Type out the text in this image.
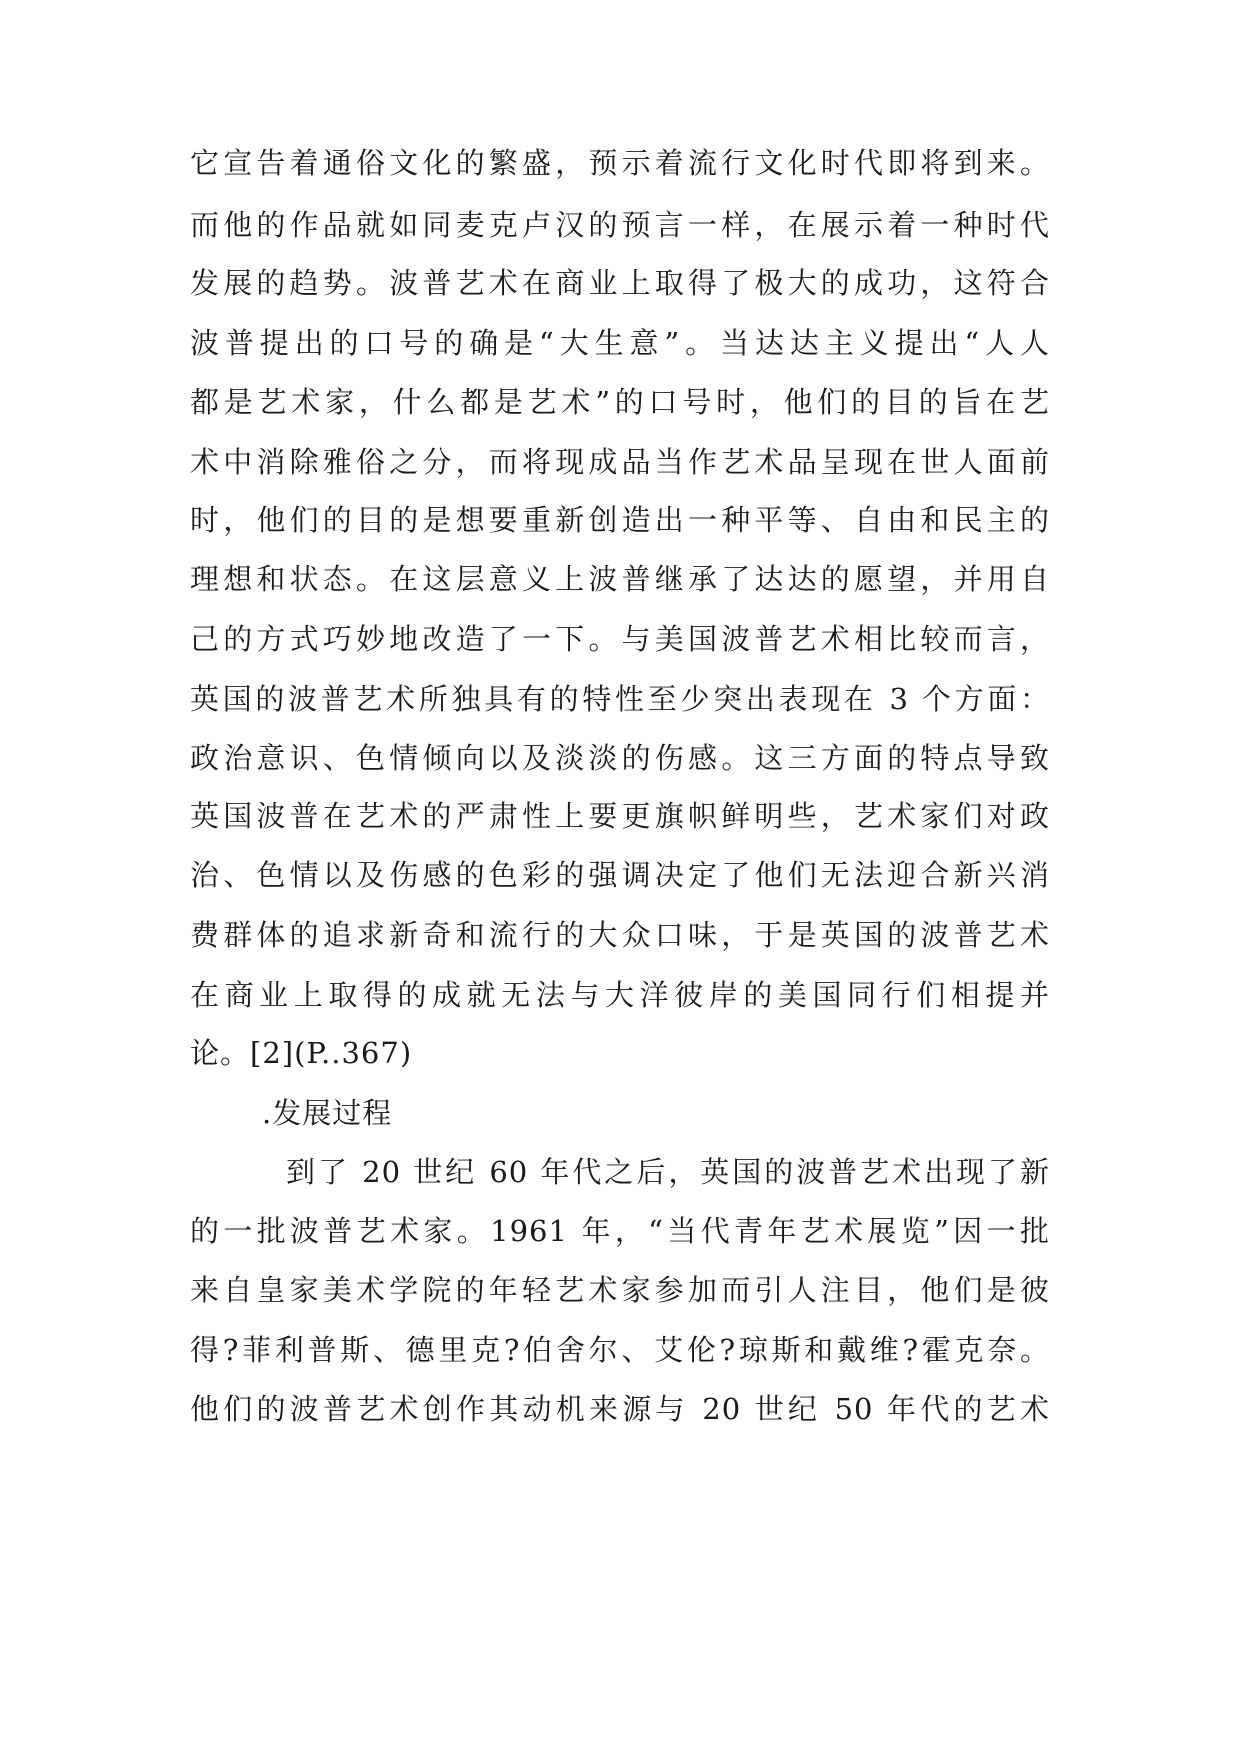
它宣告着通俗文化的繁盛，预示着流行文化时代即将到来。
而他的作品就如同麦克卢汉的预言一样，在展示着一种时代
发展的趋势。波普艺术在商业上取得了极大的成功，这符合
波普提出的口号的确是“大生意”。当达达主义提出“人人
都是艺术家，什么都是艺术”的口号时，他们的目的旨在艺
术中消除雅俗之分，而将现成品当作艺术品呈现在世人面前
时，他们的目的是想要重新创造出一种平等、自由和民主的
理想和状态。在这层意义上波普继承了达达的愿望，并用自
己的方式巧妙地改造了一下。与美国波普艺术相比较而言，
英国的波普艺术所独具有的特性至少突出表现在 3 个方面：
政治意识、色情倾向以及淡淡的伤感。这三方面的特点导致
英国波普在艺术的严肃性上要更旗帜鲜明些，艺术家们对政
治、色情以及伤感的色彩的强调决定了他们无法迎合新兴消
费群体的追求新奇和流行的大众口味，于是英国的波普艺术
在商业上取得的成就无法与大洋彼岸的美国同行们相提并
论。[2](P..367)
.发展过程
到了 20 世纪 60 年代之后，英国的波普艺术出现了新
的一批波普艺术家。1961 年，“当代青年艺术展览”因一批
来自皇家美术学院的年轻艺术家参加而引人注目，他们是彼
得?菲利普斯、德里克?伯舍尔、艾伦?琼斯和戴维?霍克奈。
他们的波普艺术创作其动机来源与 20 世纪 50 年代的艺术
